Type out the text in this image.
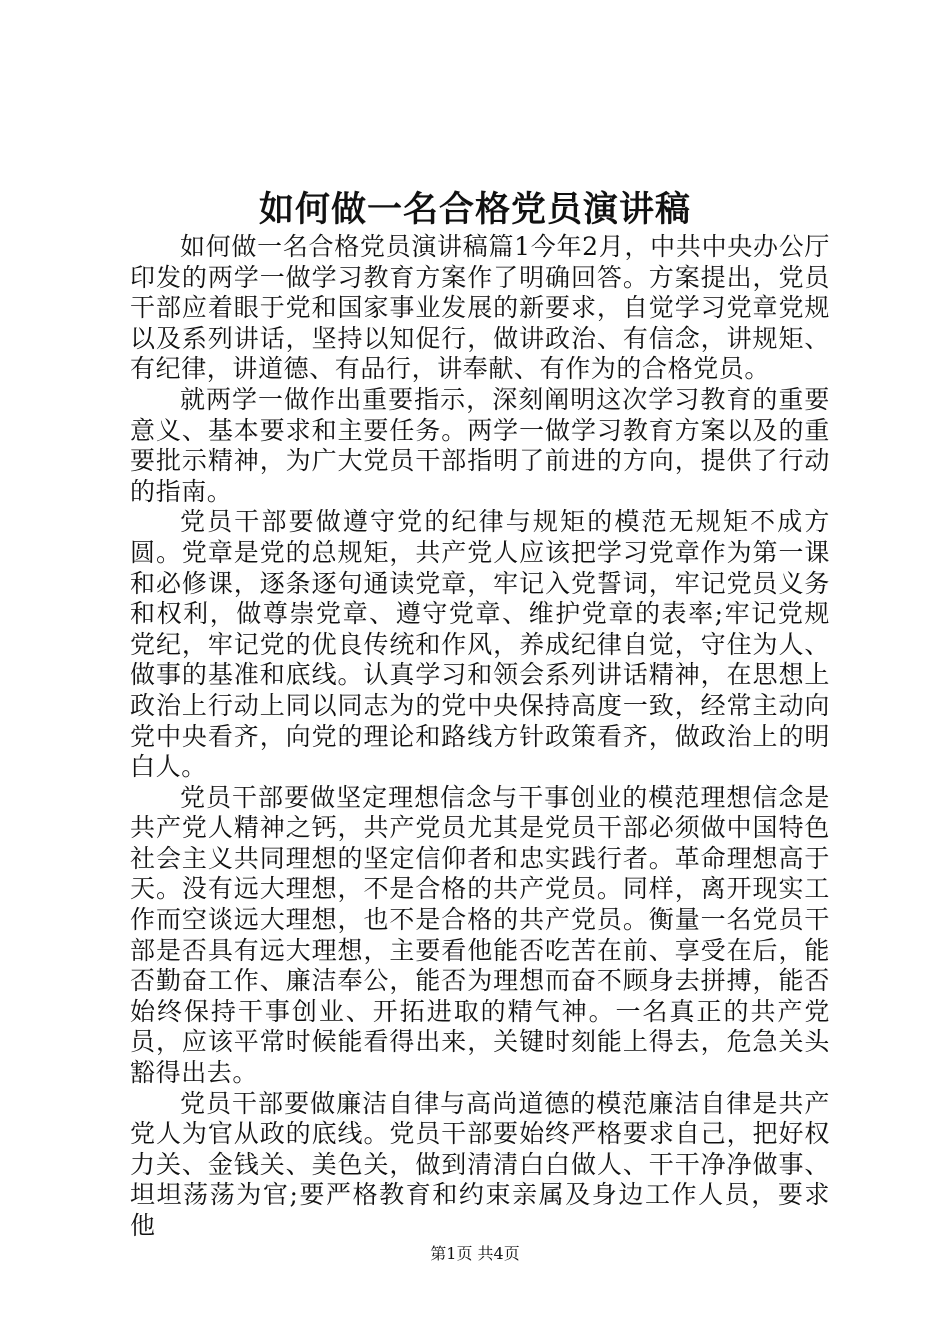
如何做一名合格党员演讲稿

如何做一名合格党员演讲稿篇1今年2月，中共中央办公厅印发的两学一做学习教育方案作了明确回答。方案提出，党员干部应着眼于党和国家事业发展的新要求，自觉学习党章党规以及系列讲话，坚持以知促行，做讲政治、有信念，讲规矩、有纪律，讲道德、有品行，讲奉献、有作为的合格党员。

就两学一做作出重要指示，深刻阐明这次学习教育的重要意义、基本要求和主要任务。两学一做学习教育方案以及的重要批示精神，为广大党员干部指明了前进的方向，提供了行动的指南。

党员干部要做遵守党的纪律与规矩的模范无规矩不成方圆。党章是党的总规矩，共产党人应该把学习党章作为第一课和必修课，逐条逐句通读党章，牢记入党誓词，牢记党员义务和权利，做尊崇党章、遵守党章、维护党章的表率;牢记党规党纪，牢记党的优良传统和作风，养成纪律自觉，守住为人、做事的基准和底线。认真学习和领会系列讲话精神，在思想上政治上行动上同以同志为的党中央保持高度一致，经常主动向党中央看齐，向党的理论和路线方针政策看齐，做政治上的明白人。

党员干部要做坚定理想信念与干事创业的模范理想信念是共产党人精神之钙，共产党员尤其是党员干部必须做中国特色社会主义共同理想的坚定信仰者和忠实践行者。革命理想高于天。没有远大理想，不是合格的共产党员。同样，离开现实工作而空谈远大理想，也不是合格的共产党员。衡量一名党员干部是否具有远大理想，主要看他能否吃苦在前、享受在后，能否勤奋工作、廉洁奉公，能否为理想而奋不顾身去拼搏，能否始终保持干事创业、开拓进取的精气神。一名真正的共产党员，应该平常时候能看得出来，关键时刻能上得去，危急关头豁得出去。

党员干部要做廉洁自律与高尚道德的模范廉洁自律是共产党人为官从政的底线。党员干部要始终严格要求自己，把好权力关、金钱关、美色关，做到清清白白做人、干干净净做事、坦坦荡荡为官;要严格教育和约束亲属及身边工作人员，要求他

第1页 共4页
